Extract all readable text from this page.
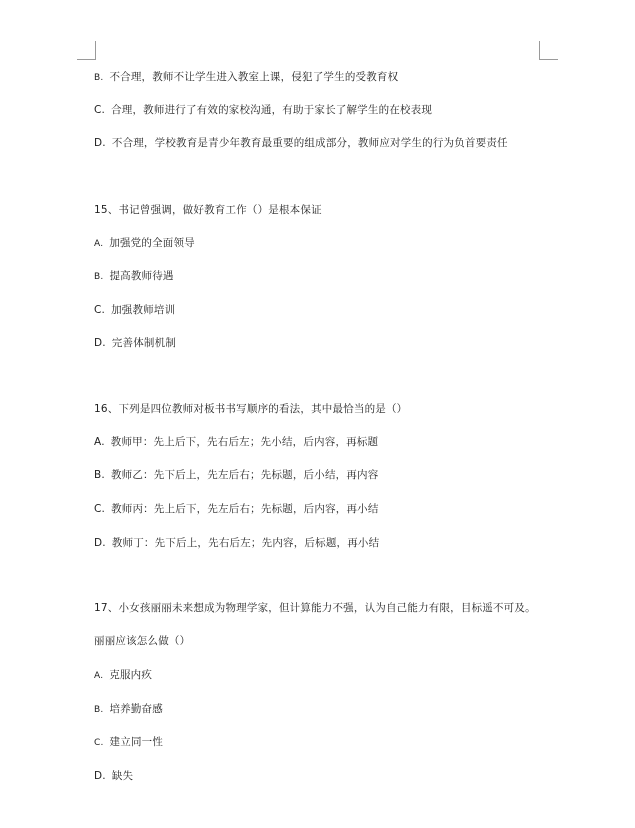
B. 不合理，教师不让学生进入教室上课，侵犯了学生的受教育权
C. 合理，教师进行了有效的家校沟通，有助于家长了解学生的在校表现
D. 不合理，学校教育是青少年教育最重要的组成部分，教师应对学生的行为负首要责任
15、书记曾强调，做好教育工作（）是根本保证
A. 加强党的全面领导
B. 提高教师待遇
C. 加强教师培训
D. 完善体制机制
16、下列是四位教师对板书书写顺序的看法，其中最恰当的是（）
A. 教师甲：先上后下，先右后左；先小结，后内容，再标题
B. 教师乙：先下后上，先左后右；先标题，后小结，再内容
C. 教师丙：先上后下，先左后右；先标题，后内容，再小结
D. 教师丁：先下后上，先右后左；先内容，后标题，再小结
17、小女孩丽丽未来想成为物理学家，但计算能力不强，认为自己能力有限，目标遥不可及。
丽丽应该怎么做（）
A. 克服内疚
B. 培养勤奋感
C. 建立同一性
D. 缺失
